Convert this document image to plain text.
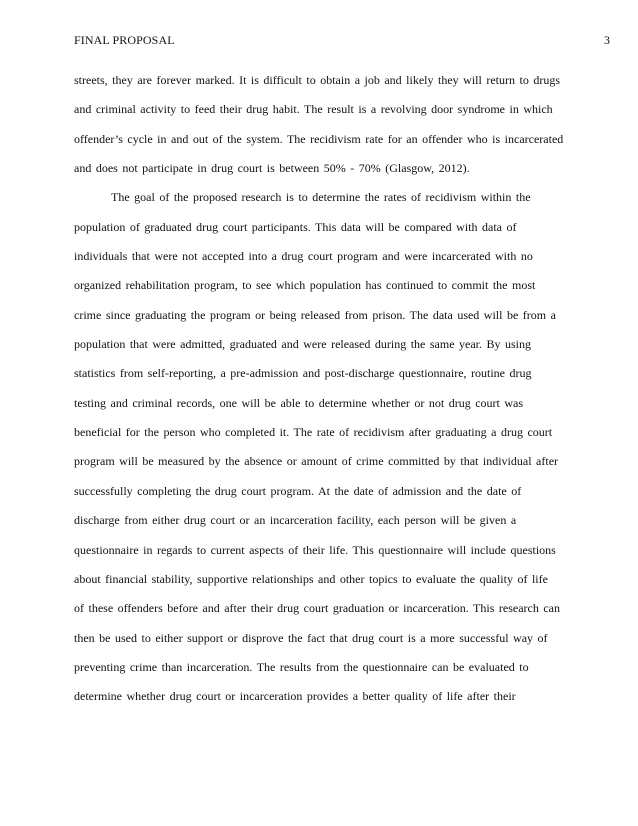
FINAL PROPOSAL	3
streets, they are forever marked. It is difficult to obtain a job and likely they will return to drugs
and criminal activity to feed their drug habit. The result is a revolving door syndrome in which
offender’s cycle in and out of the system. The recidivism rate for an offender who is incarcerated
and does not participate in drug court is between 50% - 70% (Glasgow, 2012).
The goal of the proposed research is to determine the rates of recidivism within the
population of graduated drug court participants. This data will be compared with data of
individuals that were not accepted into a drug court program and were incarcerated with no
organized rehabilitation program, to see which population has continued to commit the most
crime since graduating the program or being released from prison. The data used will be from a
population that were admitted, graduated and were released during the same year. By using
statistics from self-reporting, a pre-admission and post-discharge questionnaire, routine drug
testing and criminal records, one will be able to determine whether or not drug court was
beneficial for the person who completed it. The rate of recidivism after graduating a drug court
program will be measured by the absence or amount of crime committed by that individual after
successfully completing the drug court program. At the date of admission and the date of
discharge from either drug court or an incarceration facility, each person will be given a
questionnaire in regards to current aspects of their life. This questionnaire will include questions
about financial stability, supportive relationships and other topics to evaluate the quality of life
of these offenders before and after their drug court graduation or incarceration. This research can
then be used to either support or disprove the fact that drug court is a more successful way of
preventing crime than incarceration. The results from the questionnaire can be evaluated to
determine whether drug court or incarceration provides a better quality of life after their
